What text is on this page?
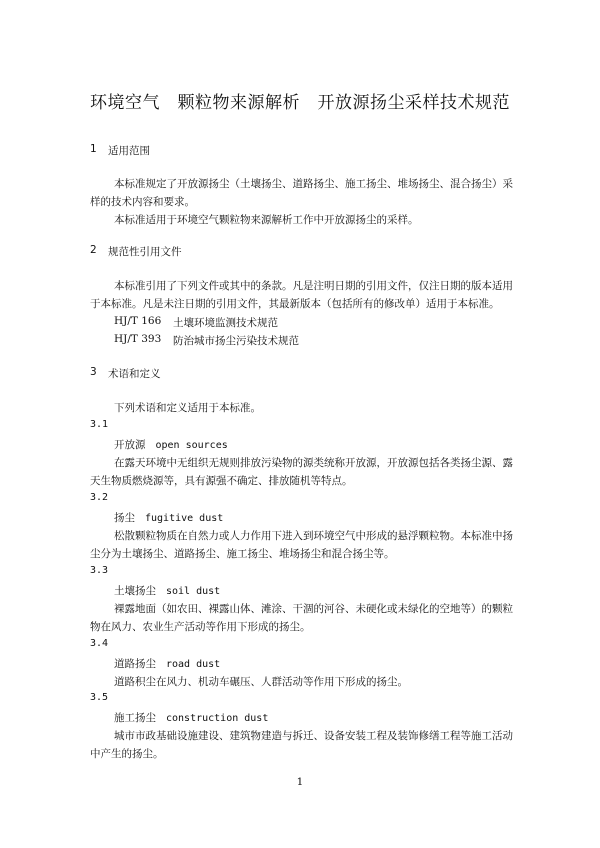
环境空气　颗粒物来源解析　开放源扬尘采样技术规范
1 适用范围
本标准规定了开放源扬尘（土壤扬尘、道路扬尘、施工扬尘、堆场扬尘、混合扬尘）采
样的技术内容和要求。
本标准适用于环境空气颗粒物来源解析工作中开放源扬尘的采样。
2 规范性引用文件
本标准引用了下列文件或其中的条款。凡是注明日期的引用文件，仅注日期的版本适用
于本标准。凡是未注日期的引用文件，其最新版本（包括所有的修改单）适用于本标准。
HJ/T 166 土壤环境监测技术规范
HJ/T 393 防治城市扬尘污染技术规范
3 术语和定义
下列术语和定义适用于本标准。
3.1
开放源 open sources
在露天环境中无组织无规则排放污染物的源类统称开放源，开放源包括各类扬尘源、露
天生物质燃烧源等，具有源强不确定、排放随机等特点。
3.2
扬尘 fugitive dust
松散颗粒物质在自然力或人力作用下进入到环境空气中形成的悬浮颗粒物。本标准中扬
尘分为土壤扬尘、道路扬尘、施工扬尘、堆场扬尘和混合扬尘等。
3.3
土壤扬尘 soil dust
裸露地面（如农田、裸露山体、滩涂、干涸的河谷、未硬化或未绿化的空地等）的颗粒
物在风力、农业生产活动等作用下形成的扬尘。
3.4
道路扬尘 road dust
道路积尘在风力、机动车碾压、人群活动等作用下形成的扬尘。
3.5
施工扬尘 construction dust
城市市政基础设施建设、建筑物建造与拆迁、设备安装工程及装饰修缮工程等施工活动
中产生的扬尘。
1
